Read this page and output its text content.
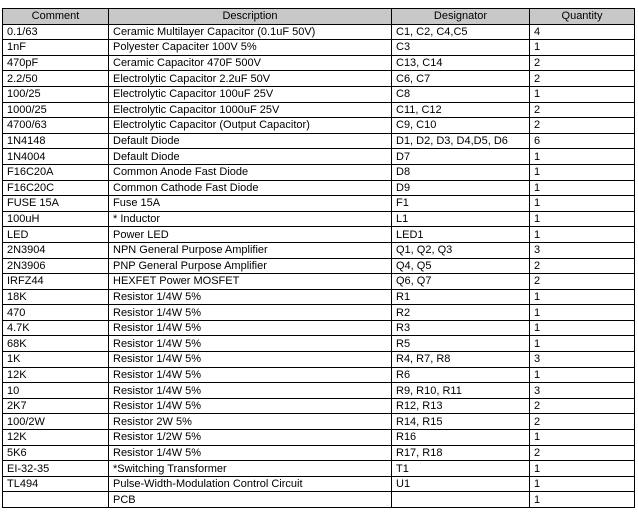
Comment	Description	Designator	Quantity
0.1/63	Ceramic Multilayer Capacitor (0.1uF 50V)	C1, C2, C4,C5	4
1nF	Polyester Capaciter 100V 5%	C3	1
470pF	Ceramic Capacitor 470F 500V	C13, C14	2
2.2/50	Electrolytic Capacitor 2.2uF 50V	C6, C7	2
100/25	Electrolytic Capacitor 100uF 25V	C8	1
1000/25	Electrolytic Capacitor 1000uF 25V	C11, C12	2
4700/63	Electrolytic Capacitor (Output Capacitor)	C9, C10	2
1N4148	Default Diode	D1, D2, D3, D4,D5, D6	6
1N4004	Default Diode	D7	1
F16C20A	Common Anode Fast Diode	D8	1
F16C20C	Common Cathode Fast Diode	D9	1
FUSE 15A	Fuse 15A	F1	1
100uH	* Inductor	L1	1
LED	Power LED	LED1	1
2N3904	NPN General Purpose Amplifier	Q1, Q2, Q3	3
2N3906	PNP General Purpose Amplifier	Q4, Q5	2
IRFZ44	HEXFET Power MOSFET	Q6, Q7	2
18K	Resistor 1/4W 5%	R1	1
470	Resistor 1/4W 5%	R2	1
4.7K	Resistor 1/4W 5%	R3	1
68K	Resistor 1/4W 5%	R5	1
1K	Resistor 1/4W 5%	R4, R7, R8	3
12K	Resistor 1/4W 5%	R6	1
10	Resistor 1/4W 5%	R9, R10, R11	3
2K7	Resistor 1/4W 5%	R12, R13	2
100/2W	Resistor 2W 5%	R14, R15	2
12K	Resistor 1/2W 5%	R16	1
5K6	Resistor 1/4W 5%	R17, R18	2
EI-32-35	*Switching Transformer	T1	1
TL494	Pulse-Width-Modulation Control Circuit	U1	1
	PCB		1
